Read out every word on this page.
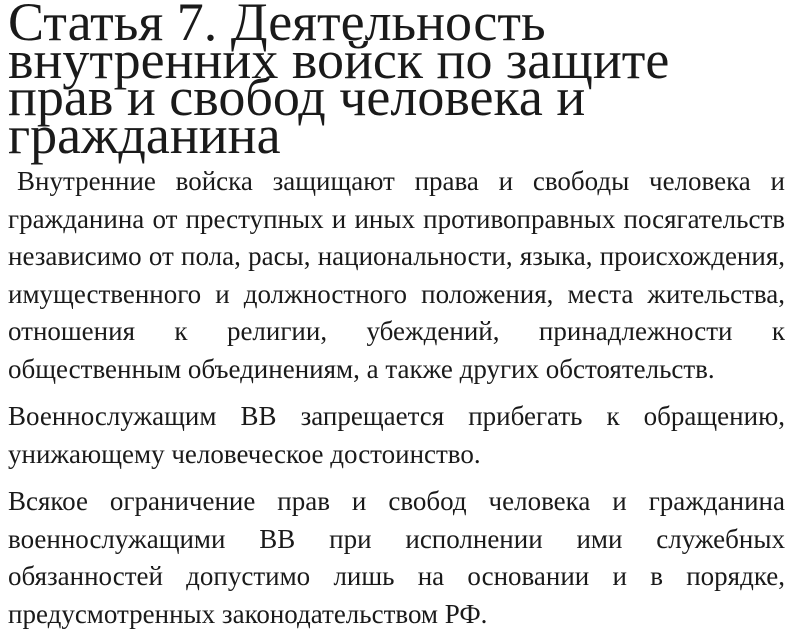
Статья 7. Деятельность внутренних войск по защите прав и свобод человека и гражданина

Внутренние войска защищают права и свободы человека и гражданина от преступных и иных противоправных посягательств независимо от пола, расы, национальности, языка, происхождения, имущественного и должностного положения, места жительства, отношения к религии, убеждений, принадлежности к общественным объединениям, а также других обстоятельств.

Военнослужащим ВВ запрещается прибегать к обращению, унижающему человеческое достоинство.

Всякое ограничение прав и свобод человека и гражданина военнослужащими ВВ при исполнении ими служебных обязанностей допустимо лишь на основании и в порядке, предусмотренных законодательством РФ.
